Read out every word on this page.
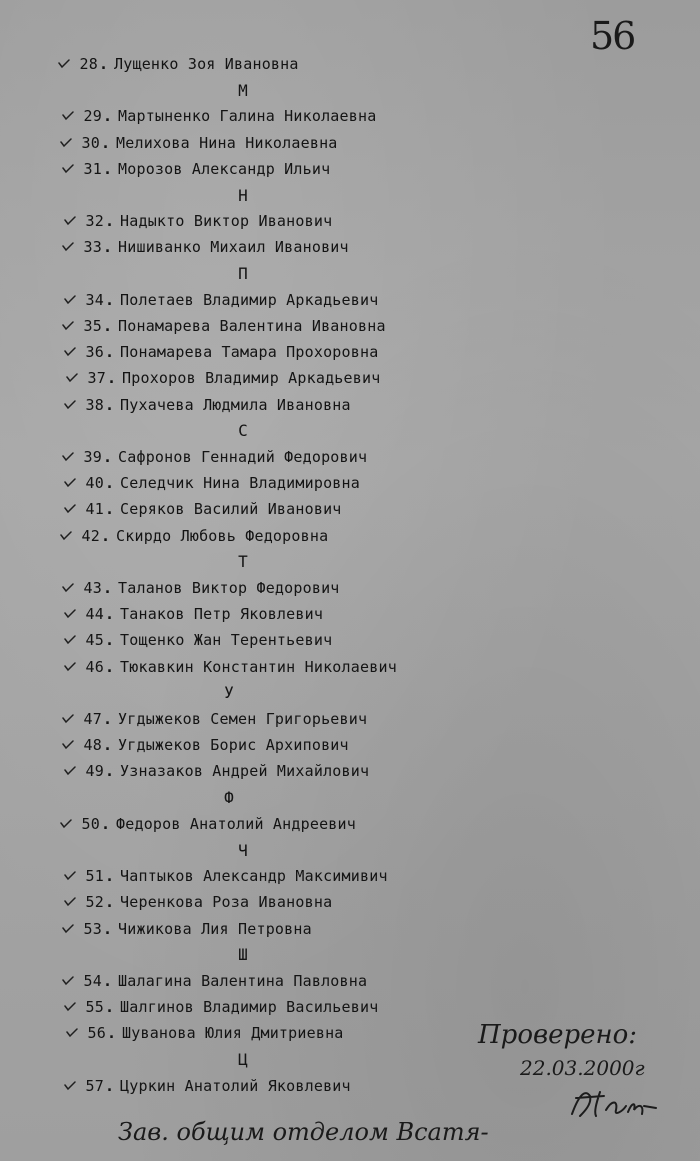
56
28 . Лущенко Зоя Ивановна
М
29 . Мартыненко Галина Николаевна
30 . Мелихова Нина Николаевна
31 . Морозов Александр Ильич
Н
32 . Надыкто Виктор Иванович
33 . Нишиванко Михаил Иванович
П
34 . Полетаев Владимир Аркадьевич
35 . Понамарева Валентина Ивановна
36 . Понамарева Тамара Прохоровна
37 . Прохоров Владимир Аркадьевич
38 . Пухачева Людмила Ивановна
С
39 . Сафронов Геннадий Федорович
40 . Селедчик Нина Владимировна
41 . Серяков Василий Иванович
42 . Скирдо Любовь Федоровна
Т
43 . Таланов Виктор Федорович
44 . Танаков Петр Яковлевич
45 . Тощенко Жан Терентьевич
46 . Тюкавкин Константин Николаевич
У
47 . Угдыжеков Семен Григорьевич
48 . Угдыжеков Борис Архипович
49 . Узназаков Андрей Михайлович
Ф
50 . Федоров Анатолий Андреевич
Ч
51 . Чаптыков Александр Максимивич
52 . Черенкова Роза Ивановна
53 . Чижикова Лия Петровна
Ш
54 . Шалагина Валентина Павловна
55 . Шалгинов Владимир Васильевич
56 . Шуванова Юлия Дмитриевна
Ц
57 . Цуркин Анатолий Яковлевич
Проверено:
22.03.2000г
Зав. общим отделом Всатя-
